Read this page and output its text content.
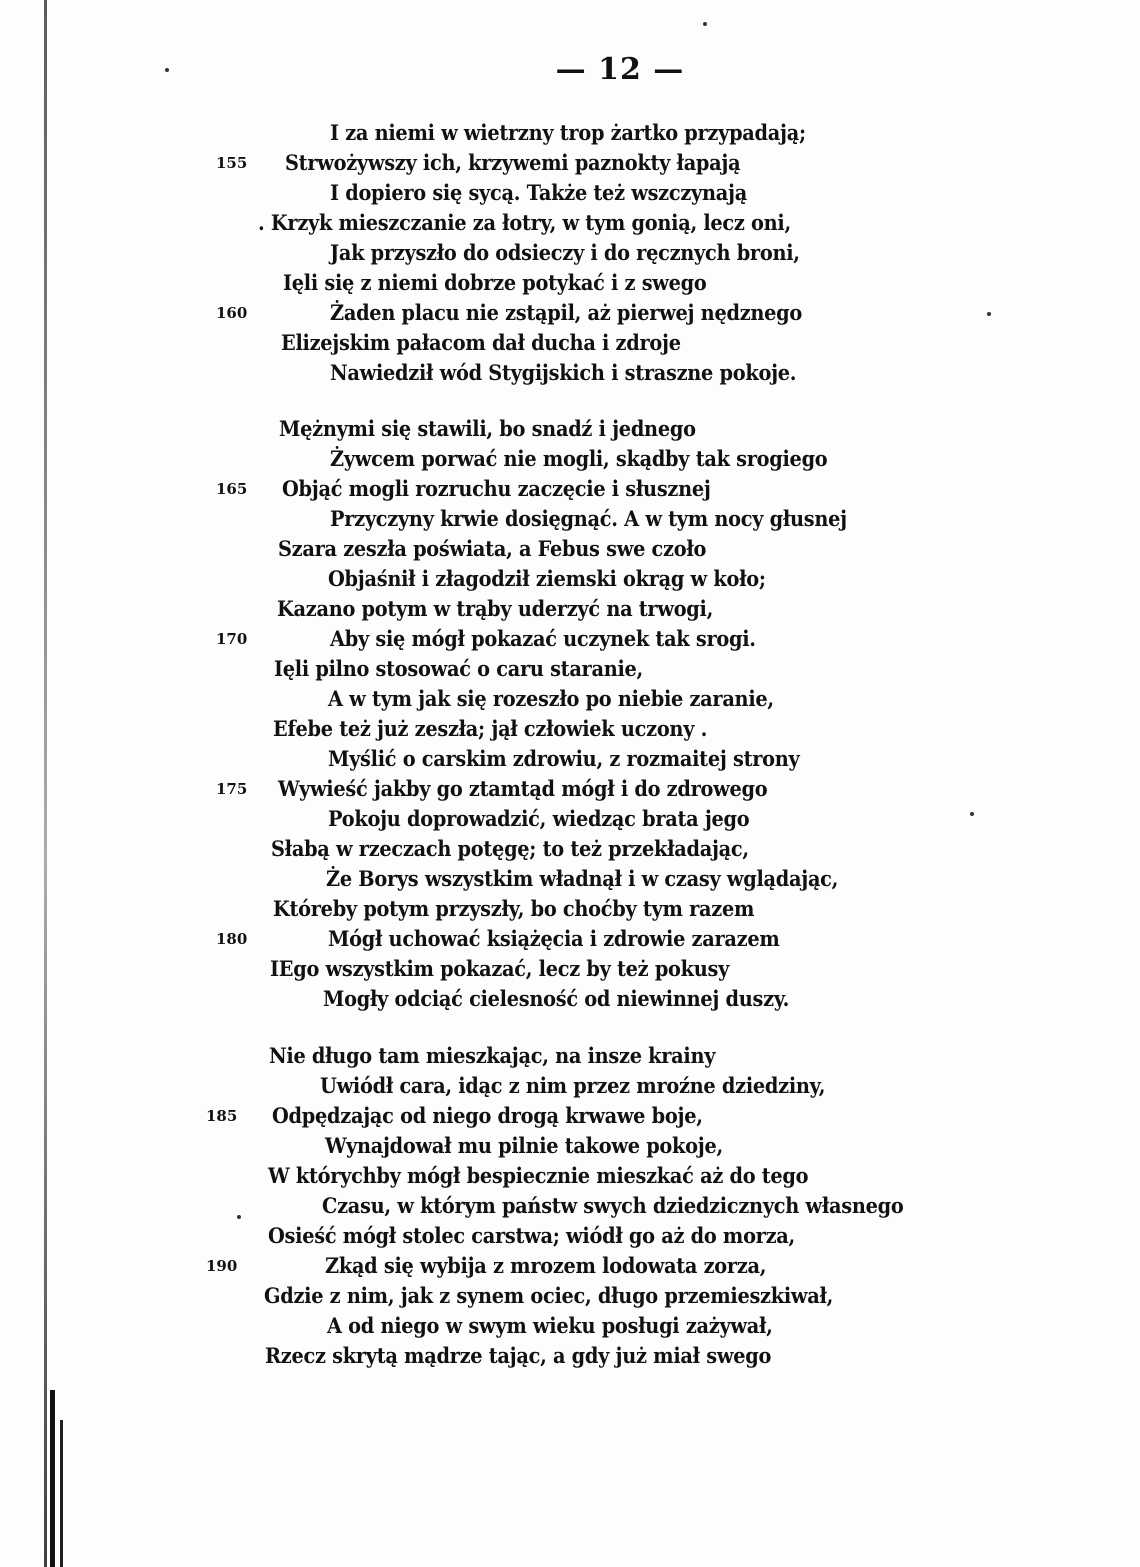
— 12 —
I za niemi w wietrzny trop żartko przypadają;
155 Strwożywszy ich, krzywemi paznokty łapają
I dopiero się sycą. Także też wszczynają
. Krzyk mieszczanie za łotry, w tym gonią, lecz oni,
Jak przyszło do odsieczy i do ręcznych broni,
Ięli się z niemi dobrze potykać i z swego
160	Żaden placu nie zstąpil, aż pierwej nędznego
Elizejskim pałacom dał ducha i zdroje
Nawiedził wód Stygijskich i straszne pokoje.
Mężnymi się stawili, bo snadź i jednego
Żywcem porwać nie mogli, skądby tak srogiego
165 Objąć mogli rozruchu zaczęcie i słusznej
Przyczyny krwie dosięgnąć. A w tym nocy głusnej
Szara zeszła poświata, a Febus swe czoło
Objaśnił i złagodził ziemski okrąg w koło;
Kazano potym w trąby uderzyć na trwogi,
170	Aby się mógł pokazać uczynek tak srogi.
Ięli pilno stosować o caru staranie,
A w tym jak się rozeszło po niebie zaranie,
Efebe też już zeszła; jął człowiek uczony .
Myślić o carskim zdrowiu, z rozmaitej strony
175 Wywieść jakby go ztamtąd mógł i do zdrowego
Pokoju doprowadzić, wiedząc brata jego
Słabą w rzeczach potęgę; to też przekładając,
Że Borys wszystkim władnął i w czasy wglądając,
Któreby potym przyszły, bo choćby tym razem
180	Mógł uchować książęcia i zdrowie zarazem
IEgo wszystkim pokazać, lecz by też pokusy
Mogły odciąć cielesność od niewinnej duszy.
Nie długo tam mieszkając, na insze krainy
Uwiódł cara, idąc z nim przez mroźne dziedziny,
185 Odpędzając od niego drogą krwawe boje,
Wynajdował mu pilnie takowe pokoje,
W którychby mógł bespiecznie mieszkać aż do tego
Czasu, w którym państw swych dziedzicznych własnego
Osieść mógł stolec carstwa; wiódł go aż do morza,
190	Zkąd się wybija z mrozem lodowata zorza,
Gdzie z nim, jak z synem ociec, długo przemieszkiwał,
A od niego w swym wieku posługi zażywał,
Rzecz skrytą mądrze tając, a gdy już miał swego
